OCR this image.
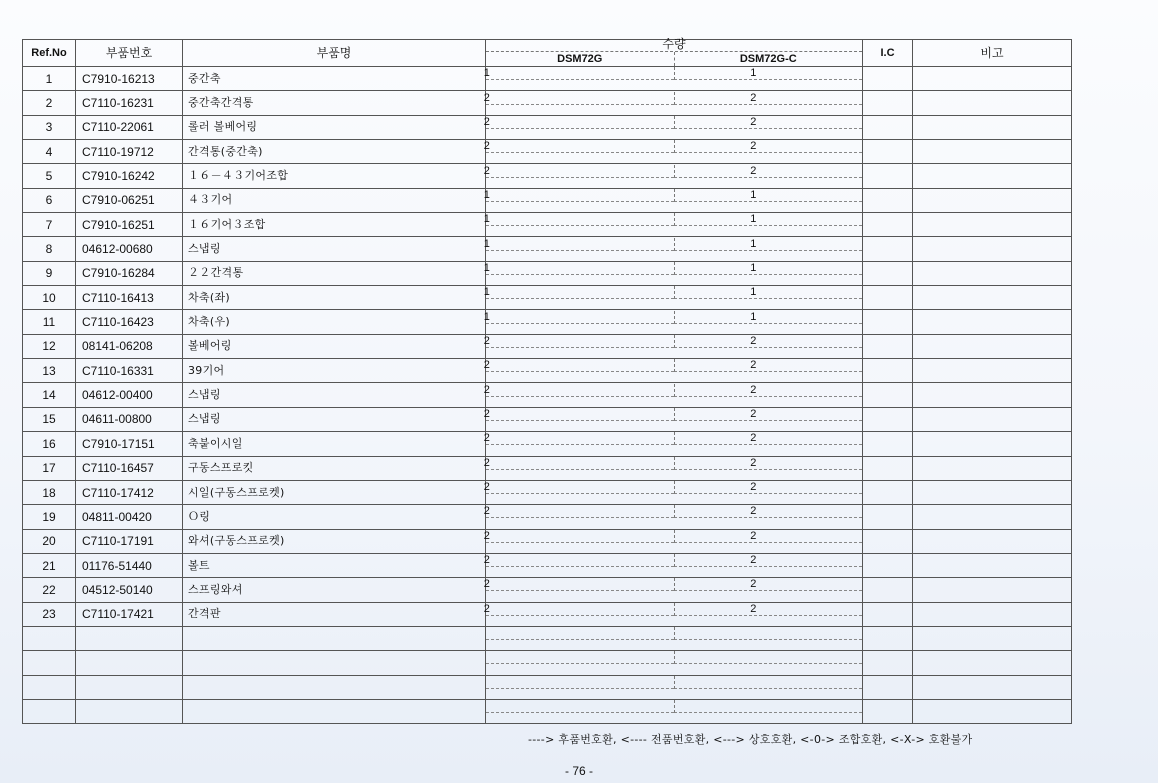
Ref.No	부품번호	부품명	수량
DSM72G DSM72G-C	I.C	비고
1	C7910-16213	중간축	1 1		

2	C7110-16231	중간축간격통	2 2		

3	C7110-22061	롤러 볼베어링	2 2		

4	C7110-19712	간격통(중간축)	2 2		

5	C7910-16242	１６－４３기어조합	2 2		

6	C7910-06251	４３기어	1 1		

7	C7910-16251	１６기어３조합	1 1		

8	04612-00680	스냅링	1 1		

9	C7910-16284	２２간격통	1 1		

10	C7110-16413	차축(좌)	1 1		

11	C7110-16423	차축(우)	1 1		

12	08141-06208	볼베어링	2 2		

13	C7110-16331	39기어	2 2		

14	04612-00400	스냅링	2 2		

15	04611-00800	스냅링	2 2		

16	C7910-17151	축붙이시일	2 2		

17	C7110-16457	구동스프로킷	2 2		

18	C7110-17412	시일(구동스프로켓)	2 2		

19	04811-00420	Ｏ링	2 2		

20	C7110-17191	와셔(구동스프로켓)	2 2		

21	01176-51440	볼트	2 2		

22	04512-50140	스프링와셔	2 2		

23	C7110-17421	간격판	2 2		

----> 후품번호환, <---- 전품번호환, <---> 상호호환, <-0-> 조합호환, <-X-> 호환불가
- 76 -
